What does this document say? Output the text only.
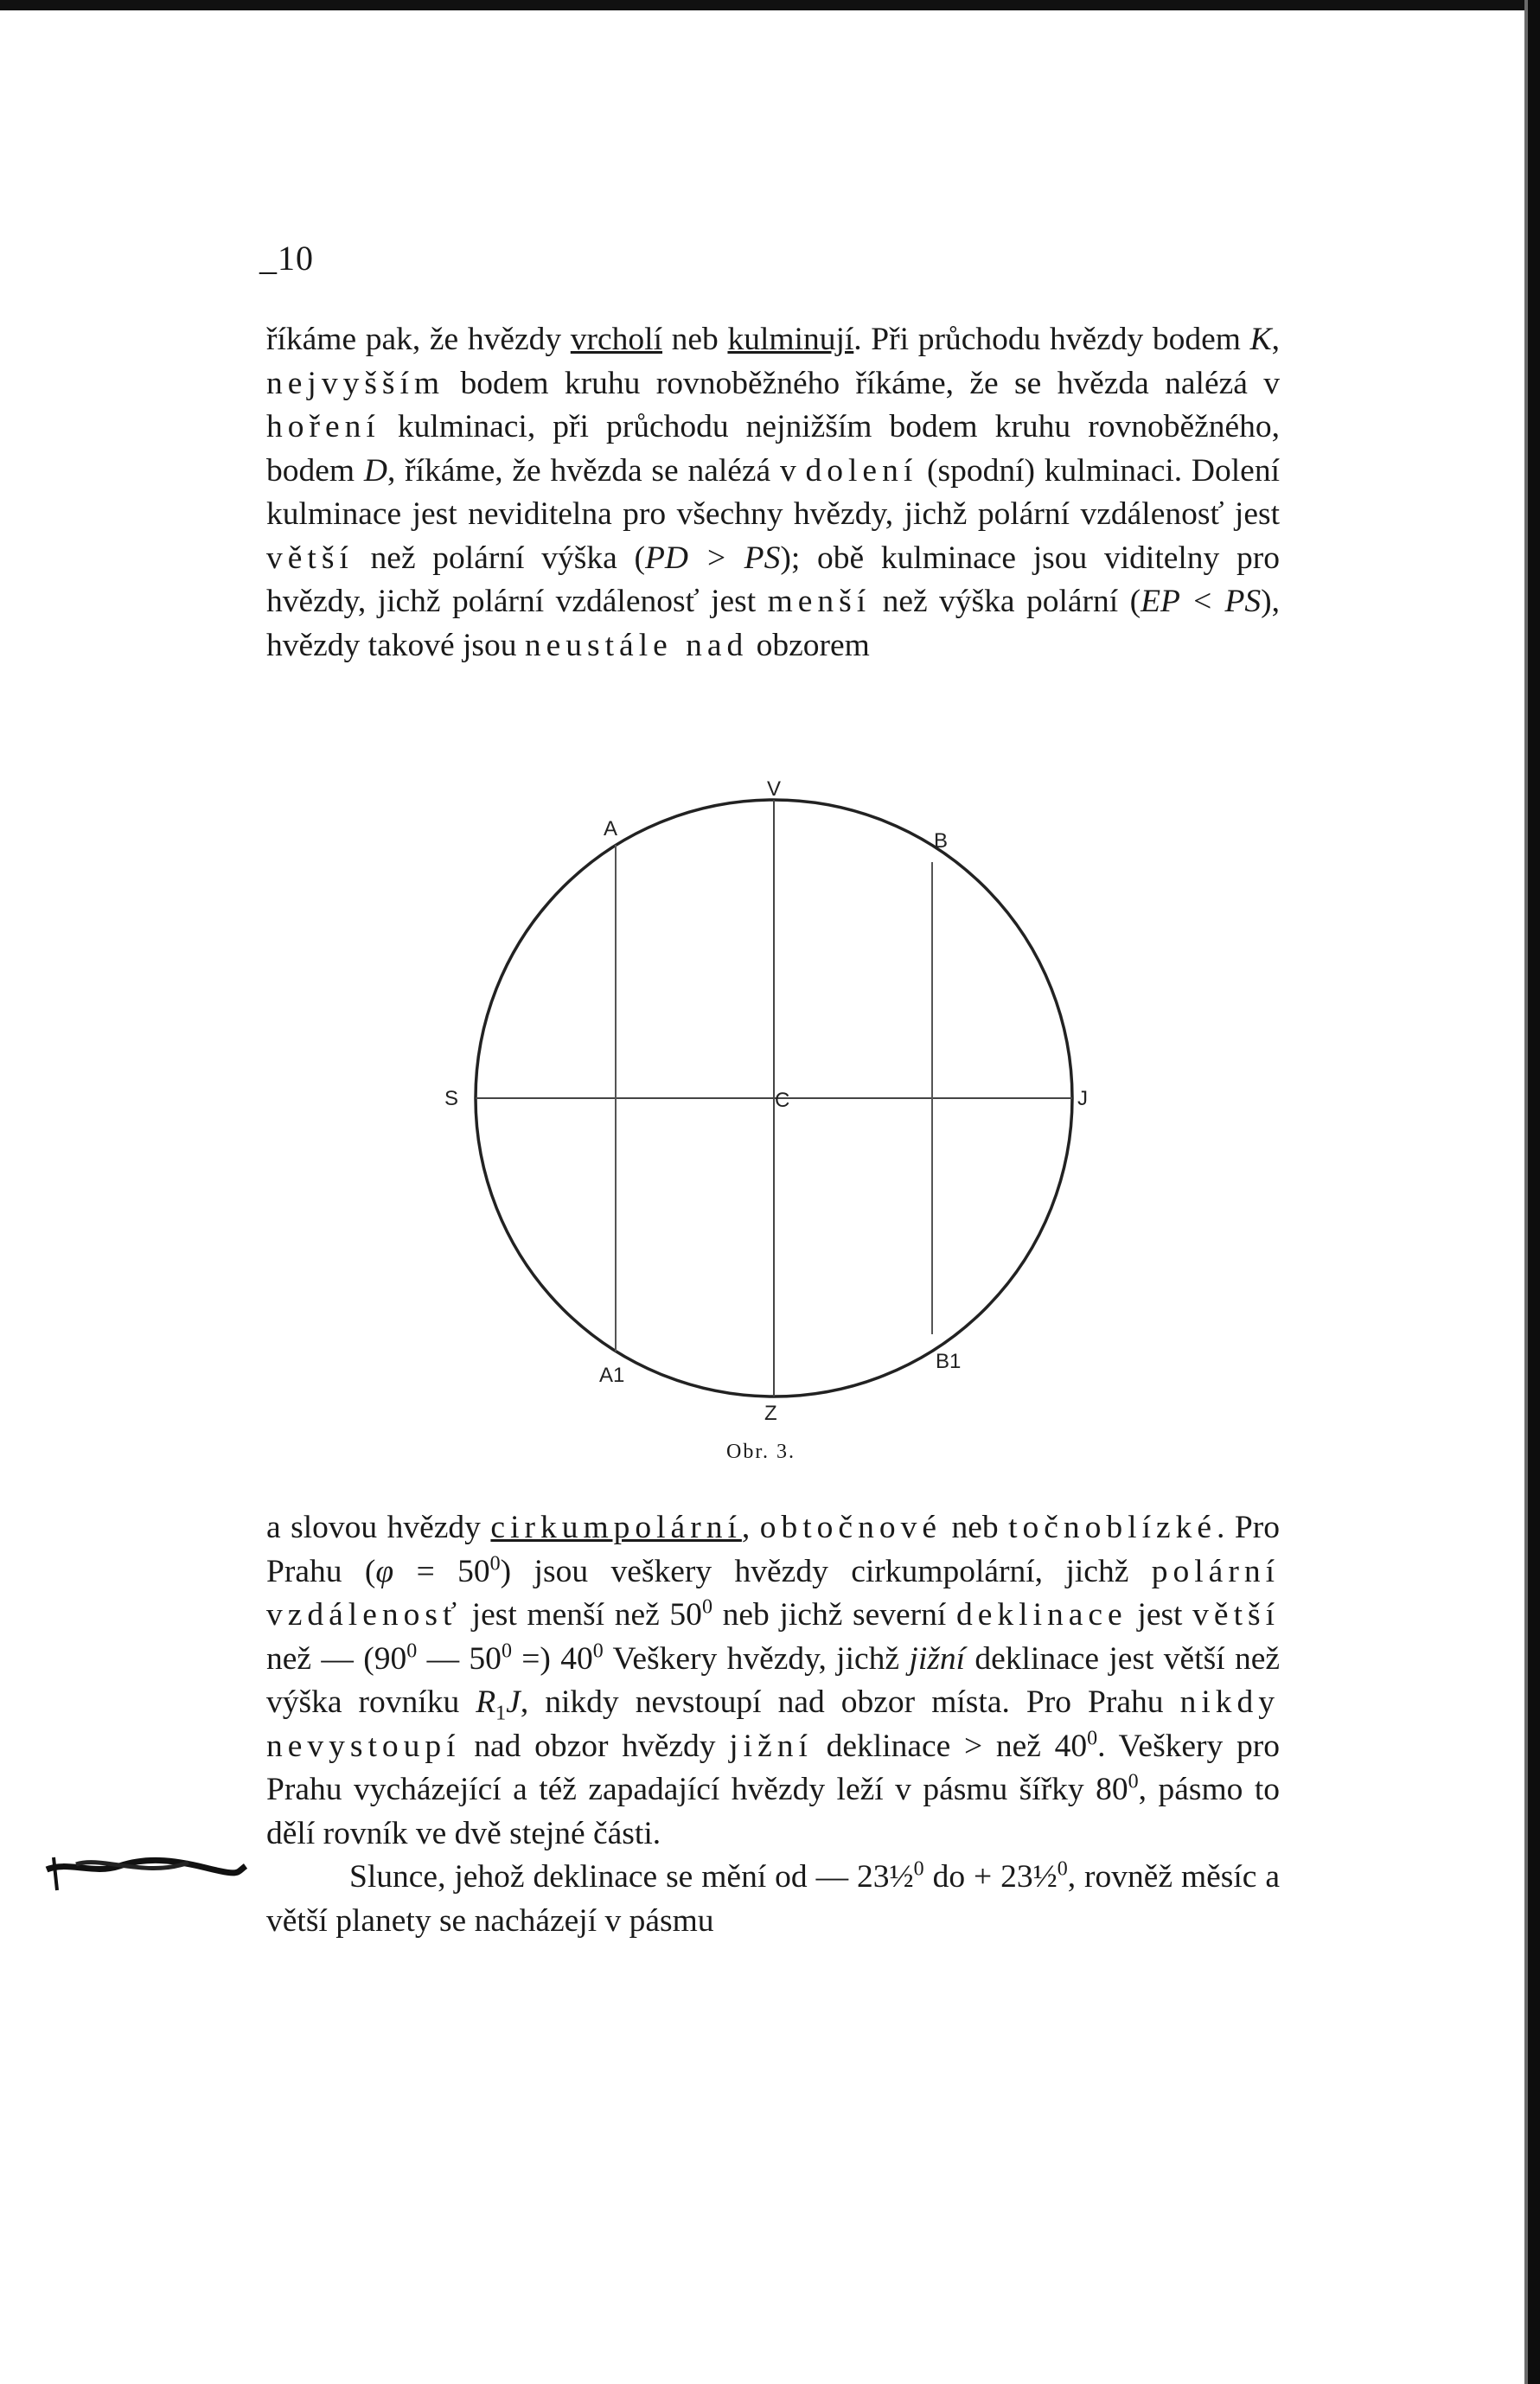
_10

říkáme pak, že hvězdy vrcholí neb kulminují. Při průchodu hvězdy bodem K, nejvyšším bodem kruhu rovnoběžného říkáme, že se hvězda nalézá v hoření kulminaci, při průchodu nejnižším bodem kruhu rovnoběžného, bodem D, říkáme, že hvězda se nalézá v dolení (spodní) kulminaci. Dolení kulminace jest neviditelna pro všechny hvězdy, jichž polární vzdálenosť jest větší než polární výška (PD > PS); obě kulminace jsou viditelny pro hvězdy, jichž polární vzdálenosť jest menší než výška polární (EP < PS), hvězdy takové jsou neustále nad obzorem

V
A
B
S	J
C
A1
B1
Z
Obr. 3.

a slovou hvězdy cirkumpolární, obtočnové neb točnoblízké. Pro Prahu $(\varphi = 50^0)$ jsou veškery hvězdy cirkumpolární, jichž polární vzdálenosť jest menší než $50^0$ neb jichž severní deklinace jest větší než — ($90^0$ — $50^0$ =) $40^0$ Veškery hvězdy, jichž jižní deklinace jest větší než výška rovníku $R_1J$, nikdy nevstoupí nad obzor místa. Pro Prahu nikdy nevystoupí nad obzor hvězdy jižní deklinace > než $40^0$. Veškery pro Prahu vycházející a též zapadající hvězdy leží v pásmu šířky $80^0$, pásmo to dělí rovník ve dvě stejné části.

Slunce, jehož deklinace se mění od — 23½$^0$ do + 23½$^0$, rovněž měsíc a větší planety se nacházejí v pásmu
